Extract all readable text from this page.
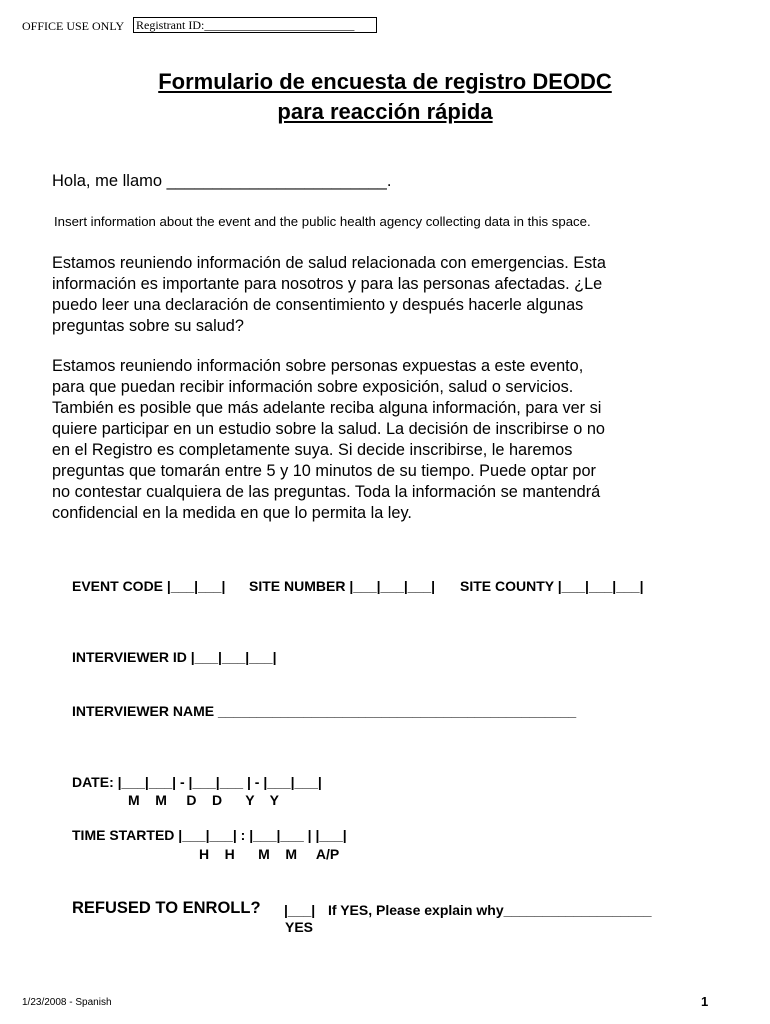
OFFICE USE ONLY Registrant ID:_________________________
Formulario de encuesta de registro DEODC
para reacción rápida
Hola, me llamo ________________________.
Insert information about the event and the public health agency collecting data in this space.
Estamos reuniendo información de salud relacionada con emergencias. Esta
información es importante para nosotros y para las personas afectadas. ¿Le
puedo leer una declaración de consentimiento y después hacerle algunas
preguntas sobre su salud?
Estamos reuniendo información sobre personas expuestas a este evento,
para que puedan recibir información sobre exposición, salud o servicios.
También es posible que más adelante reciba alguna información, para ver si
quiere participar en un estudio sobre la salud. La decisión de inscribirse o no
en el Registro es completamente suya. Si decide inscribirse, le haremos
preguntas que tomarán entre 5 y 10 minutos de su tiempo. Puede optar por
no contestar cualquiera de las preguntas. Toda la información se mantendrá
confidencial en la medida en que lo permita la ley.
EVENT CODE |___|___| SITE NUMBER |___|___|___| SITE COUNTY |___|___|___|
INTERVIEWER ID |___|___|___|
INTERVIEWER NAME ______________________________________________
DATE: |___|___| - |___|___ | - |___|___|
M    M     D    D      Y    Y
TIME STARTED |___|___| : |___|___ | |___|
H    H      M    M     A/P
REFUSED TO ENROLL? |___|
YES
If YES, Please explain why___________________
1/23/2008 - Spanish	1
